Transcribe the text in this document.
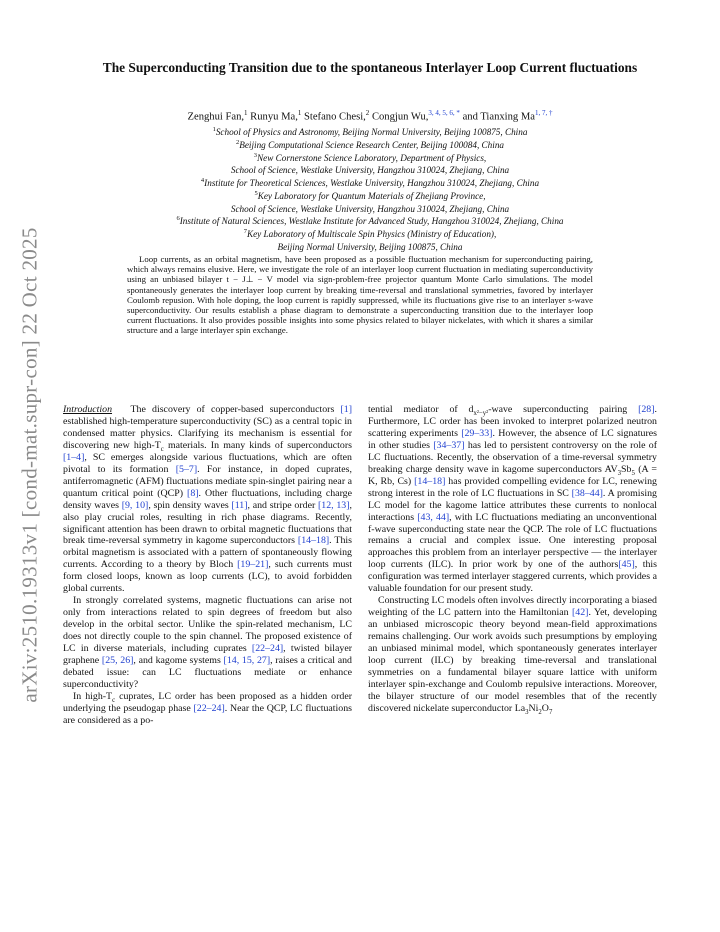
arXiv:2510.19313v1 [cond-mat.supr-con] 22 Oct 2025
The Superconducting Transition due to the spontaneous Interlayer Loop Current fluctuations
Zenghui Fan,$^1$ Runyu Ma,$^1$ Stefano Chesi,$^2$ Congjun Wu,$^{3, 4, 5, 6, *}$ and Tianxing $Ma^{1, 7, \dagger}$
$^1$School of Physics and Astronomy, Beijing Normal University, Beijing 100875, China
$^2$Beijing Computational Science Research Center, Beijing 100084, China
$^3$New Cornerstone Science Laboratory, Department of Physics,
School of Science, Westlake University, Hangzhou 310024, Zhejiang, China
$^4$Institute for Theoretical Sciences, Westlake University, Hangzhou 310024, Zhejiang, China
$^5$Key Laboratory for Quantum Materials of Zhejiang Province,
School of Science, Westlake University, Hangzhou 310024, Zhejiang, China
$^6$Institute of Natural Sciences, Westlake Institute for Advanced Study, Hangzhou 310024, Zhejiang, China
$^7$Key Laboratory of Multiscale Spin Physics (Ministry of Education),
Beijing Normal University, Beijing 100875, China
Loop currents, as an orbital magnetism, have been proposed as a possible fluctuation mechanism for superconducting pairing, which always remains elusive. Here, we investigate the role of an interlayer loop current fluctuation in mediating superconductivity using an unbiased bilayer t − J⊥ − V model via sign-problem-free projector quantum Monte Carlo simulations. The model spontaneously generates the interlayer loop current by breaking time-reversal and translational symmetries, favored by interlayer Coulomb repusion. With hole doping, the loop current is rapidly suppressed, while its fluctuations give rise to an interlayer s-wave superconductivity. Our results establish a phase diagram to demonstrate a superconducting transition due to the interlayer loop current fluctuations. It also provides possible insights into some physics related to bilayer nickelates, with which it shares a similar structure and a large interlayer spin exchange.

Introduction The discovery of copper-based superconductors [1] established high-temperature superconductivity (SC) as a central topic in condensed matter physics. Clarifying its mechanism is essential for discovering new high-$T_c$ materials. In many kinds of superconductors [1–4], SC emerges alongside various fluctuations, which are often pivotal to its formation [5–7]. For instance, in doped cuprates, antiferromagnetic (AFM) fluctuations mediate spin-singlet pairing near a quantum critical point (QCP) [8]. Other fluctuations, including charge density waves [9, 10], spin density waves [11], and stripe order [12, 13], also play crucial roles, resulting in rich phase diagrams. Recently, significant attention has been drawn to orbital magnetic fluctuations that break time-reversal symmetry in kagome superconductors [14–18]. This orbital magnetism is associated with a pattern of spontaneously flowing currents. According to a theory by Bloch [19–21], such currents must form closed loops, known as loop currents (LC), to avoid forbidden global currents.

In strongly correlated systems, magnetic fluctuations can arise not only from interactions related to spin degrees of freedom but also develop in the orbital sector. Unlike the spin-related mechanism, LC does not directly couple to the spin channel. The proposed existence of LC in diverse materials, including cuprates [22–24], twisted bilayer graphene [25, 26], and kagome systems [14, 15, 27], raises a critical and debated issue: can LC fluctuations mediate or enhance superconductivity?

In high-$T_c$ cuprates, LC order has been proposed as a hidden order underlying the pseudogap phase [22–24]. Near the QCP, LC fluctuations are considered as a po-

tential mediator of $d_{x^2-y^2}$-wave superconducting pairing [28]. Furthermore, LC order has been invoked to interpret polarized neutron scattering experiments [29–33]. However, the absence of LC signatures in other studies [34–37] has led to persistent controversy on the role of LC fluctuations. Recently, the observation of a time-reversal symmetry breaking charge density wave in kagome superconductors $AV_3Sb_5$ (A = K, Rb, Cs) [14–18] has provided compelling evidence for LC, renewing strong interest in the role of LC fluctuations in SC [38–44]. A promising LC model for the kagome lattice attributes these currents to nonlocal interactions [43, 44], with LC fluctuations mediating an unconventional f-wave superconducting state near the QCP. The role of LC fluctuations remains a crucial and complex issue. One interesting proposal approaches this problem from an interlayer perspective — the interlayer loop currents (ILC). In prior work by one of the authors[45], this configuration was termed interlayer staggered currents, which provides a valuable foundation for our present study.

Constructing LC models often involves directly incorporating a biased weighting of the LC pattern into the Hamiltonian [42]. Yet, developing an unbiased microscopic theory beyond mean-field approximations remains challenging. Our work avoids such presumptions by employing an unbiased minimal model, which spontaneously generates interlayer loop current (ILC) by breaking time-reversal and translational symmetries on a fundamental bilayer square lattice with uniform interlayer spin-exchange and Coulomb repulsive interactions. Moreover, the bilayer structure of our model resembles that of the recently discovered nickelate superconductor $La_3Ni_2O_7$
